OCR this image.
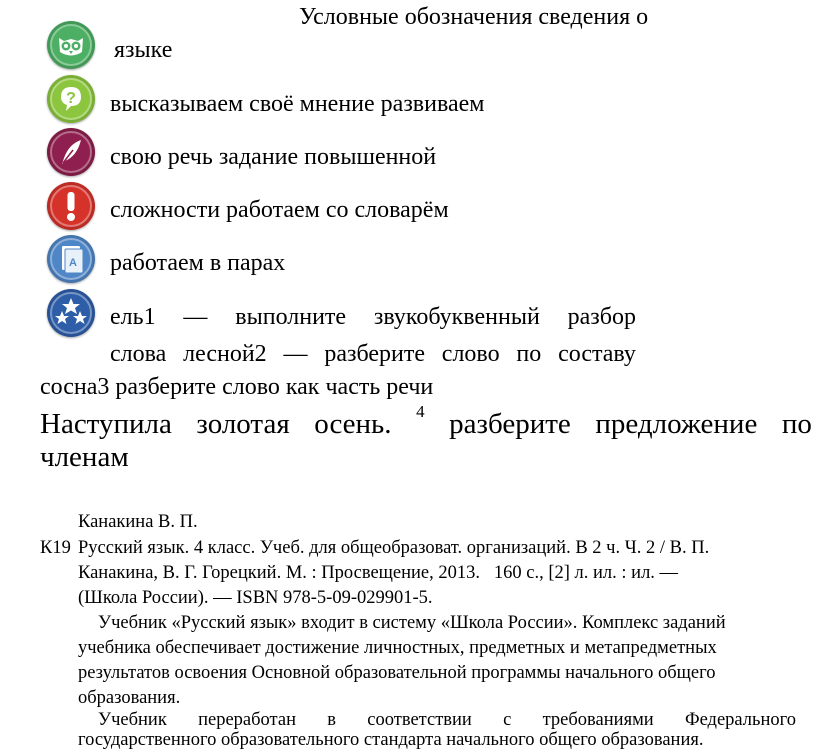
Условные обозначения сведения о
языке
?
A
высказываем своё мнение развиваем
свою речь задание повышенной
сложности работаем со словарём
работаем в парах
ель1 — выполните звукобуквенный разбор
слова лесной2 — разберите слово по составу
сосна3 разберите слово как часть речи
Наступила золотая осень. 4 разберите предложение по
членам
Канакина В. П.
К19 Русский язык. 4 класс. Учеб. для общеобразоват. организаций. В 2 ч. Ч. 2 / В. П.
Канакина, В. Г. Горецкий. М. : Просвещение, 2013.  160 с., [2] л. ил. : ил. —
(Школа России). — ISBN 978-5-09-029901-5.
Учебник «Русский язык» входит в систему «Школа России». Комплекс заданий
учебника обеспечивает достижение личностных, предметных и метапредметных
результатов освоения Основной образовательной программы начального общего
образования.
Учебник переработан в соответствии с требованиями Федерального
государственного образовательного стандарта начального общего образования.
